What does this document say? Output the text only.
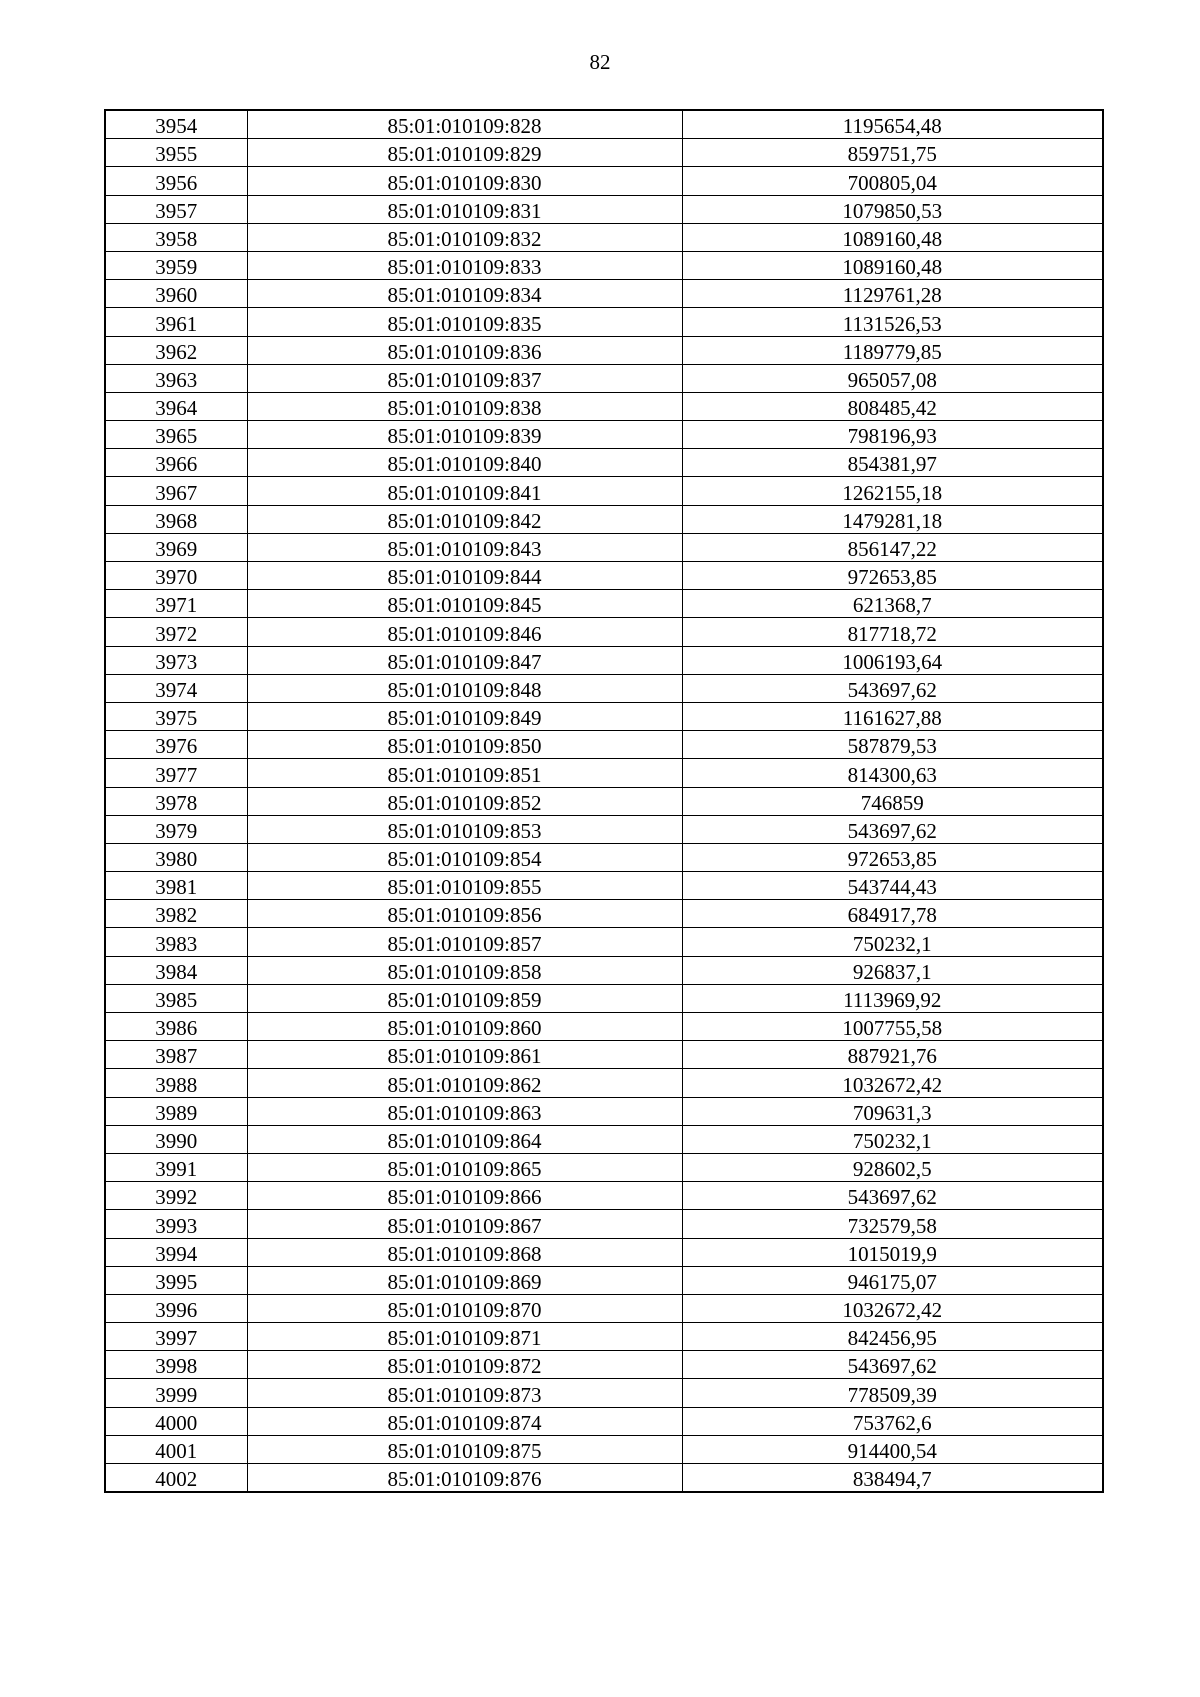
82
3954	85:01:010109:828	1195654,48
3955	85:01:010109:829	859751,75
3956	85:01:010109:830	700805,04
3957	85:01:010109:831	1079850,53
3958	85:01:010109:832	1089160,48
3959	85:01:010109:833	1089160,48
3960	85:01:010109:834	1129761,28
3961	85:01:010109:835	1131526,53
3962	85:01:010109:836	1189779,85
3963	85:01:010109:837	965057,08
3964	85:01:010109:838	808485,42
3965	85:01:010109:839	798196,93
3966	85:01:010109:840	854381,97
3967	85:01:010109:841	1262155,18
3968	85:01:010109:842	1479281,18
3969	85:01:010109:843	856147,22
3970	85:01:010109:844	972653,85
3971	85:01:010109:845	621368,7
3972	85:01:010109:846	817718,72
3973	85:01:010109:847	1006193,64
3974	85:01:010109:848	543697,62
3975	85:01:010109:849	1161627,88
3976	85:01:010109:850	587879,53
3977	85:01:010109:851	814300,63
3978	85:01:010109:852	746859
3979	85:01:010109:853	543697,62
3980	85:01:010109:854	972653,85
3981	85:01:010109:855	543744,43
3982	85:01:010109:856	684917,78
3983	85:01:010109:857	750232,1
3984	85:01:010109:858	926837,1
3985	85:01:010109:859	1113969,92
3986	85:01:010109:860	1007755,58
3987	85:01:010109:861	887921,76
3988	85:01:010109:862	1032672,42
3989	85:01:010109:863	709631,3
3990	85:01:010109:864	750232,1
3991	85:01:010109:865	928602,5
3992	85:01:010109:866	543697,62
3993	85:01:010109:867	732579,58
3994	85:01:010109:868	1015019,9
3995	85:01:010109:869	946175,07
3996	85:01:010109:870	1032672,42
3997	85:01:010109:871	842456,95
3998	85:01:010109:872	543697,62
3999	85:01:010109:873	778509,39
4000	85:01:010109:874	753762,6
4001	85:01:010109:875	914400,54
4002	85:01:010109:876	838494,7
